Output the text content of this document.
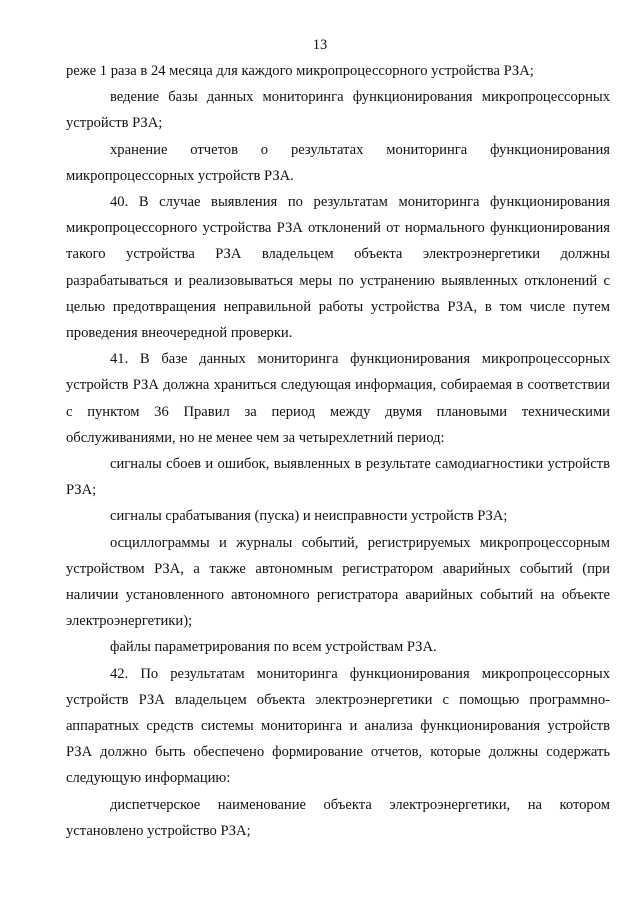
13

реже 1 раза в 24 месяца для каждого микропроцессорного устройства РЗА;

ведение базы данных мониторинга функционирования микропроцессорных устройств РЗА;

хранение отчетов о результатах мониторинга функционирования микропроцессорных устройств РЗА.

40. В случае выявления по результатам мониторинга функционирования микропроцессорного устройства РЗА отклонений от нормального функционирования такого устройства РЗА владельцем объекта электроэнергетики должны разрабатываться и реализовываться меры по устранению выявленных отклонений с целью предотвращения неправильной работы устройства РЗА, в том числе путем проведения внеочередной проверки.

41. В базе данных мониторинга функционирования микропроцессорных устройств РЗА должна храниться следующая информация, собираемая в соответствии с пунктом 36 Правил за период между двумя плановыми техническими обслуживаниями, но не менее чем за четырехлетний период:

сигналы сбоев и ошибок, выявленных в результате самодиагностики устройств РЗА;

сигналы срабатывания (пуска) и неисправности устройств РЗА;

осциллограммы и журналы событий, регистрируемых микропроцессорным устройством РЗА, а также автономным регистратором аварийных событий (при наличии установленного автономного регистратора аварийных событий на объекте электроэнергетики);

файлы параметрирования по всем устройствам РЗА.

42. По результатам мониторинга функционирования микропроцессорных устройств РЗА владельцем объекта электроэнергетики с помощью программно-аппаратных средств системы мониторинга и анализа функционирования устройств РЗА должно быть обеспечено формирование отчетов, которые должны содержать следующую информацию:

диспетчерское наименование объекта электроэнергетики, на котором установлено устройство РЗА;
